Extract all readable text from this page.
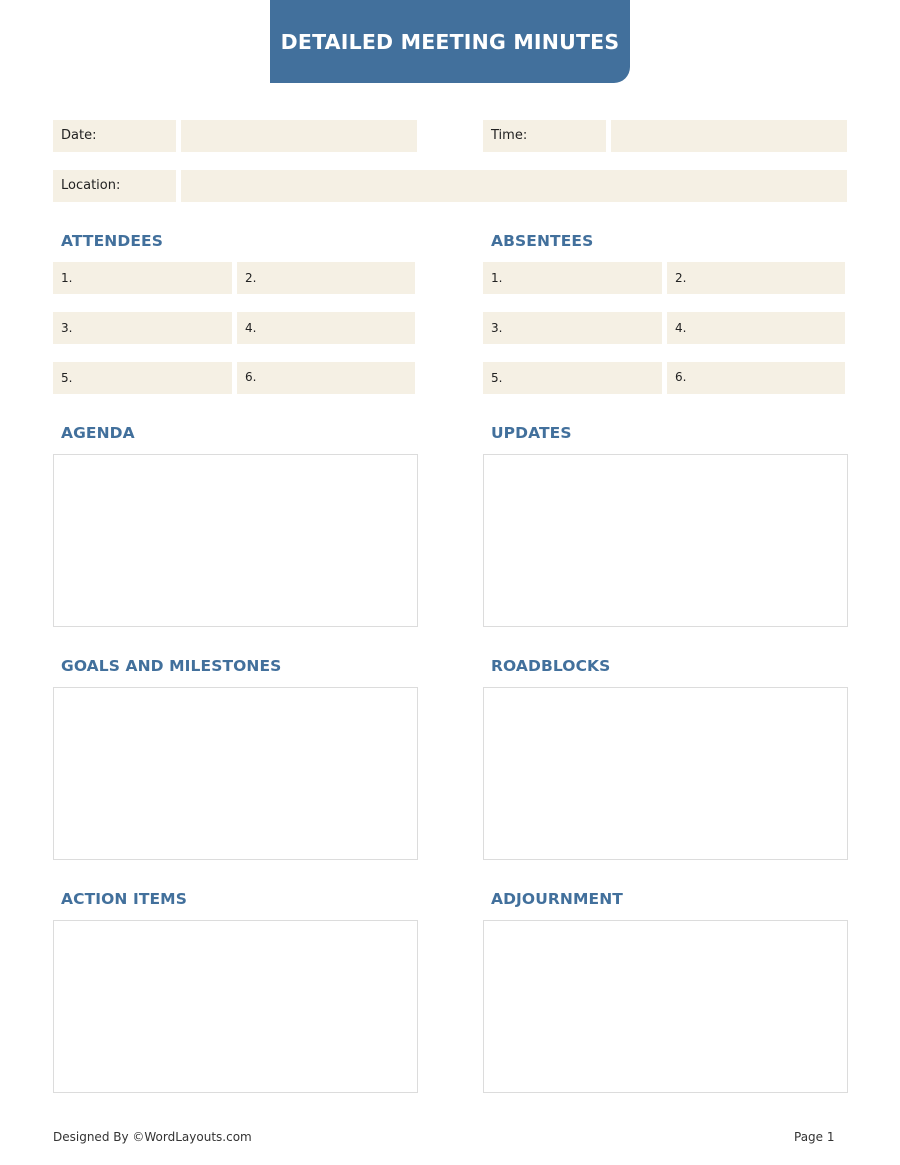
DETAILED MEETING MINUTES
Date:	Time:
Location:
ATTENDEES
1.	2.
3.	4.
5.	6.
ABSENTEES
1.	2.
3.	4.
5.	6.
AGENDA	UPDATES
GOALS AND MILESTONES	ROADBLOCKS
ACTION ITEMS	ADJOURNMENT
Designed By ©WordLayouts.com	Page 1
